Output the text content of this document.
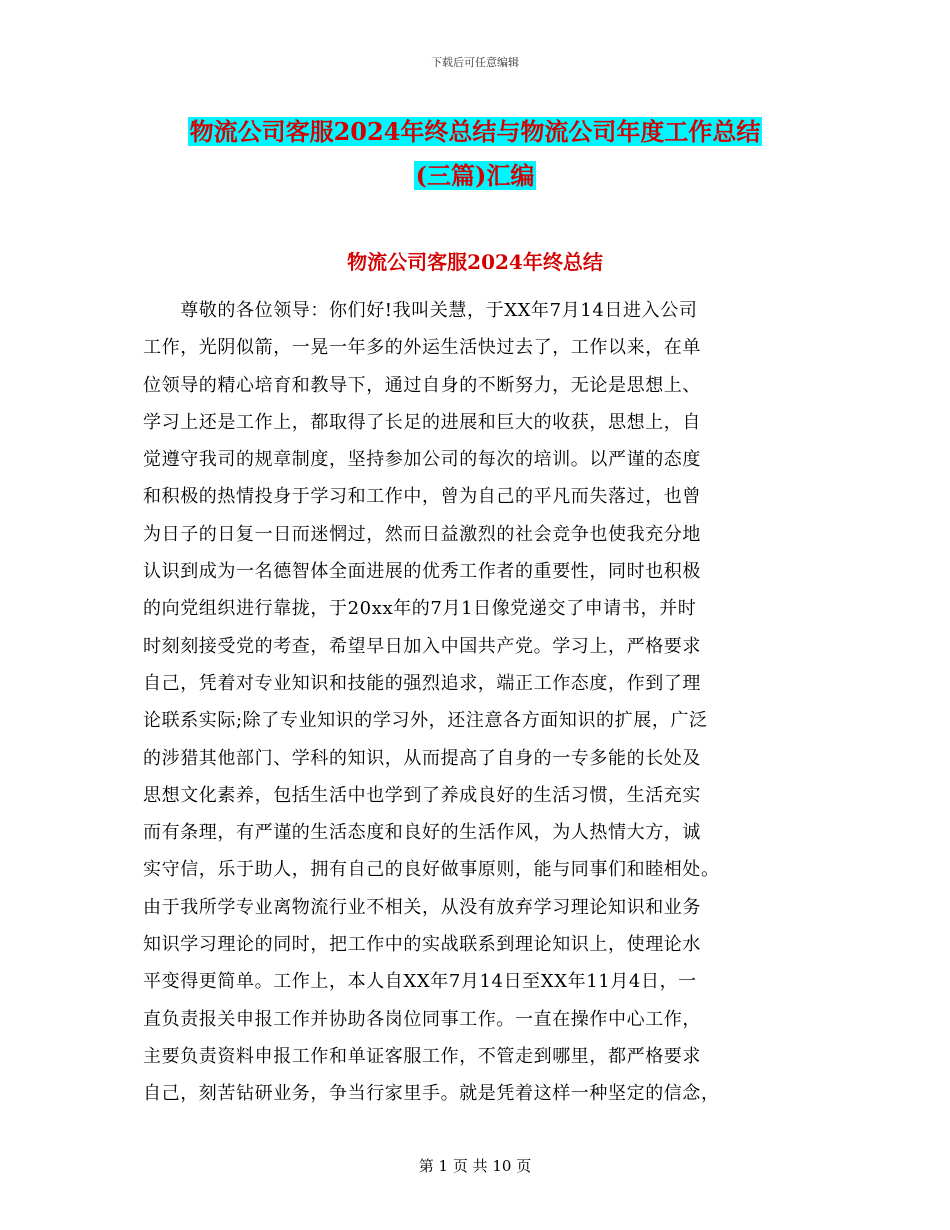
下载后可任意编辑
物流公司客服2024年终总结与物流公司年度工作总结
(三篇)汇编
物流公司客服2024年终总结
　　尊敬的各位领导：你们好!我叫关慧，于XX年7月14日进入公司
工作，光阴似箭，一晃一年多的外运生活快过去了，工作以来，在单
位领导的精心培育和教导下，通过自身的不断努力，无论是思想上、
学习上还是工作上，都取得了长足的进展和巨大的收获，思想上，自
觉遵守我司的规章制度，坚持参加公司的每次的培训。以严谨的态度
和积极的热情投身于学习和工作中，曾为自己的平凡而失落过，也曾
为日子的日复一日而迷惘过，然而日益激烈的社会竞争也使我充分地
认识到成为一名德智体全面进展的优秀工作者的重要性，同时也积极
的向党组织进行靠拢，于20xx年的7月1日像党递交了申请书，并时
时刻刻接受党的考查，希望早日加入中国共产党。学习上，严格要求
自己，凭着对专业知识和技能的强烈追求，端正工作态度，作到了理
论联系实际;除了专业知识的学习外，还注意各方面知识的扩展，广泛
的涉猎其他部门、学科的知识，从而提高了自身的一专多能的长处及
思想文化素养，包括生活中也学到了养成良好的生活习惯，生活充实
而有条理，有严谨的生活态度和良好的生活作风，为人热情大方，诚
实守信，乐于助人，拥有自己的良好做事原则，能与同事们和睦相处。
由于我所学专业离物流行业不相关，从没有放弃学习理论知识和业务
知识学习理论的同时，把工作中的实战联系到理论知识上，使理论水
平变得更简单。工作上，本人自XX年7月14日至XX年11月4日，一
直负责报关申报工作并协助各岗位同事工作。一直在操作中心工作，
主要负责资料申报工作和单证客服工作，不管走到哪里，都严格要求
自己，刻苦钻研业务，争当行家里手。就是凭着这样一种坚定的信念，
第 1 页 共 10 页
